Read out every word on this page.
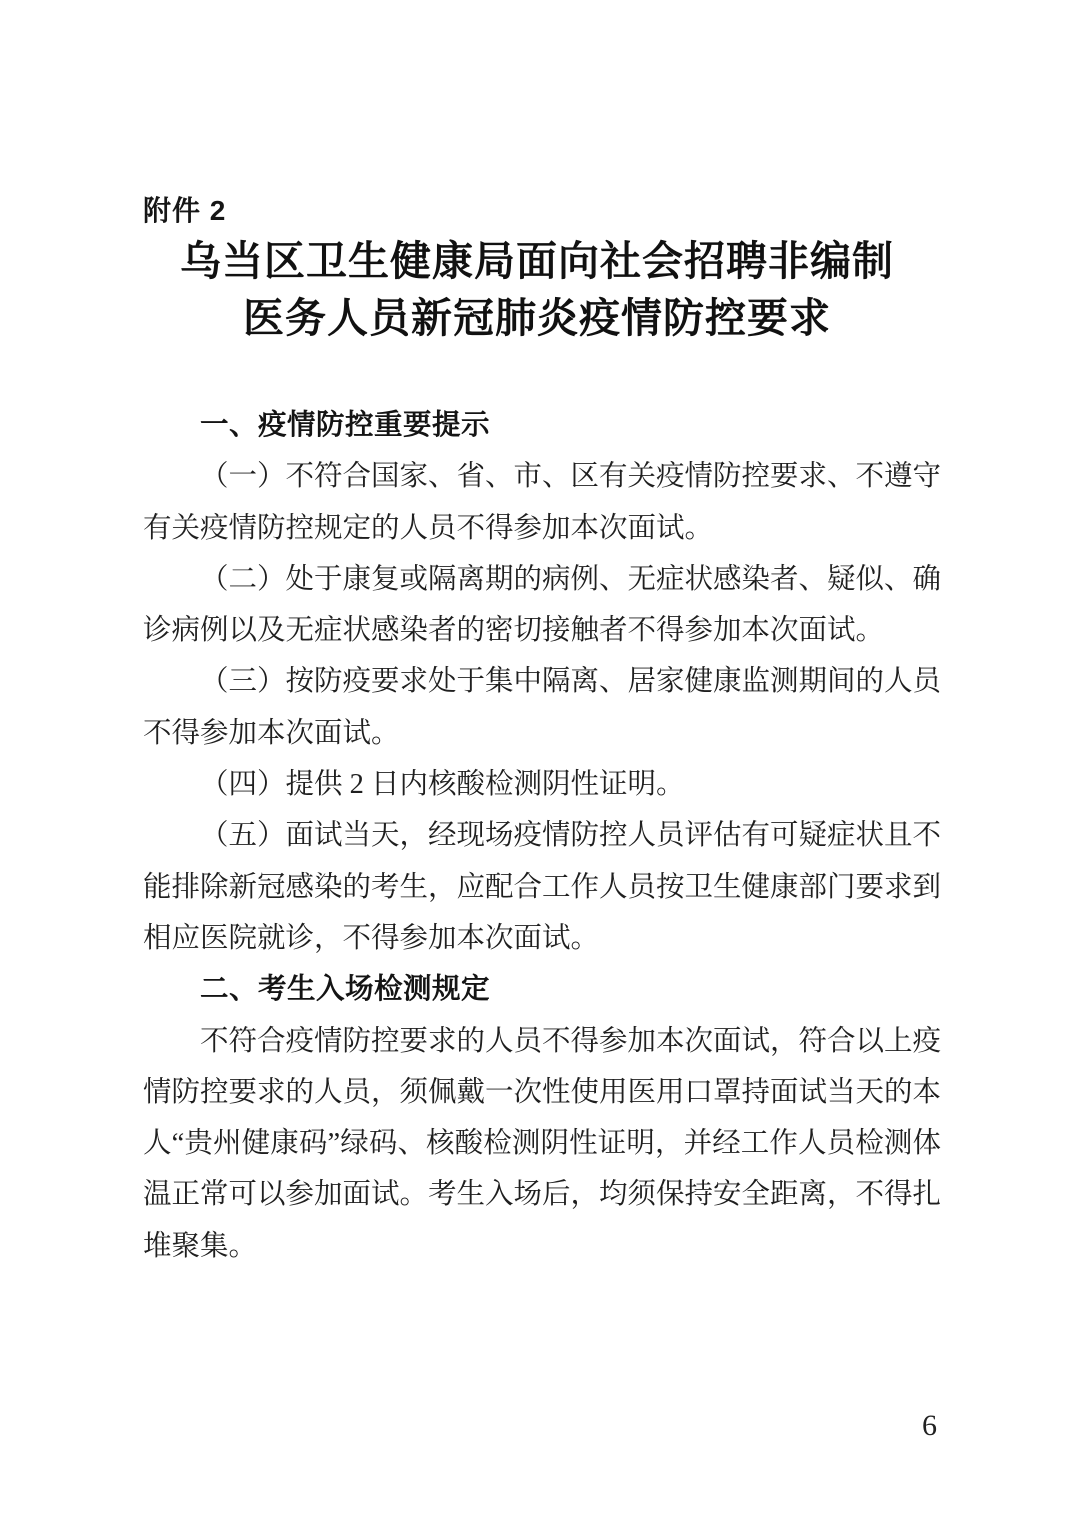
附件 2
乌当区卫生健康局面向社会招聘非编制
医务人员新冠肺炎疫情防控要求
一、疫情防控重要提示

（一）不符合国家、省、市、区有关疫情防控要求、不遵守有关疫情防控规定的人员不得参加本次面试。

（二）处于康复或隔离期的病例、无症状感染者、疑似、确诊病例以及无症状感染者的密切接触者不得参加本次面试。

（三）按防疫要求处于集中隔离、居家健康监测期间的人员不得参加本次面试。

（四）提供 2 日内核酸检测阴性证明。

（五）面试当天，经现场疫情防控人员评估有可疑症状且不能排除新冠感染的考生，应配合工作人员按卫生健康部门要求到相应医院就诊，不得参加本次面试。

二、考生入场检测规定

不符合疫情防控要求的人员不得参加本次面试，符合以上疫情防控要求的人员，须佩戴一次性使用医用口罩持面试当天的本人“贵州健康码”绿码、核酸检测阴性证明，并经工作人员检测体温正常可以参加面试。考生入场后，均须保持安全距离，不得扎堆聚集。

6
